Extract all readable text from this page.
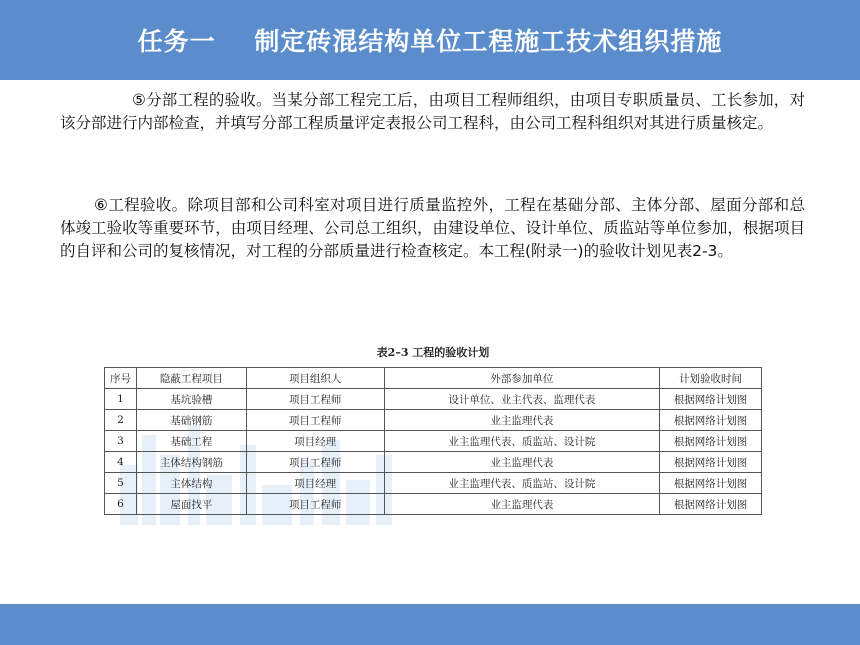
任务一    制定砖混结构单位工程施工技术组织措施
⑤分部工程的验收。当某分部工程完工后，由项目工程师组织，由项目专职质量员、工长参加，对该分部进行内部检查，并填写分部工程质量评定表报公司工程科，由公司工程科组织对其进行质量核定。
⑥工程验收。除项目部和公司科室对项目进行质量监控外，工程在基础分部、主体分部、屋面分部和总体竣工验收等重要环节，由项目经理、公司总工组织，由建设单位、设计单位、质监站等单位参加，根据项目的自评和公司的复核情况，对工程的分部质量进行检查核定。本工程(附录一)的验收计划见表2-3。
表2–3 工程的验收计划
序号	隐蔽工程项目	项目组织人	外部参加单位	计划验收时间
1	基坑验槽	项目工程师	设计单位、业主代表、监理代表	根据网络计划图
2	基础钢筋	项目工程师	业主监理代表	根据网络计划图
3	基础工程	项目经理	业主监理代表、质监站、设计院	根据网络计划图
4	主体结构钢筋	项目工程师	业主监理代表	根据网络计划图
5	主体结构	项目经理	业主监理代表、质监站、设计院	根据网络计划图
6	屋面找平	项目工程师	业主监理代表	根据网络计划图
